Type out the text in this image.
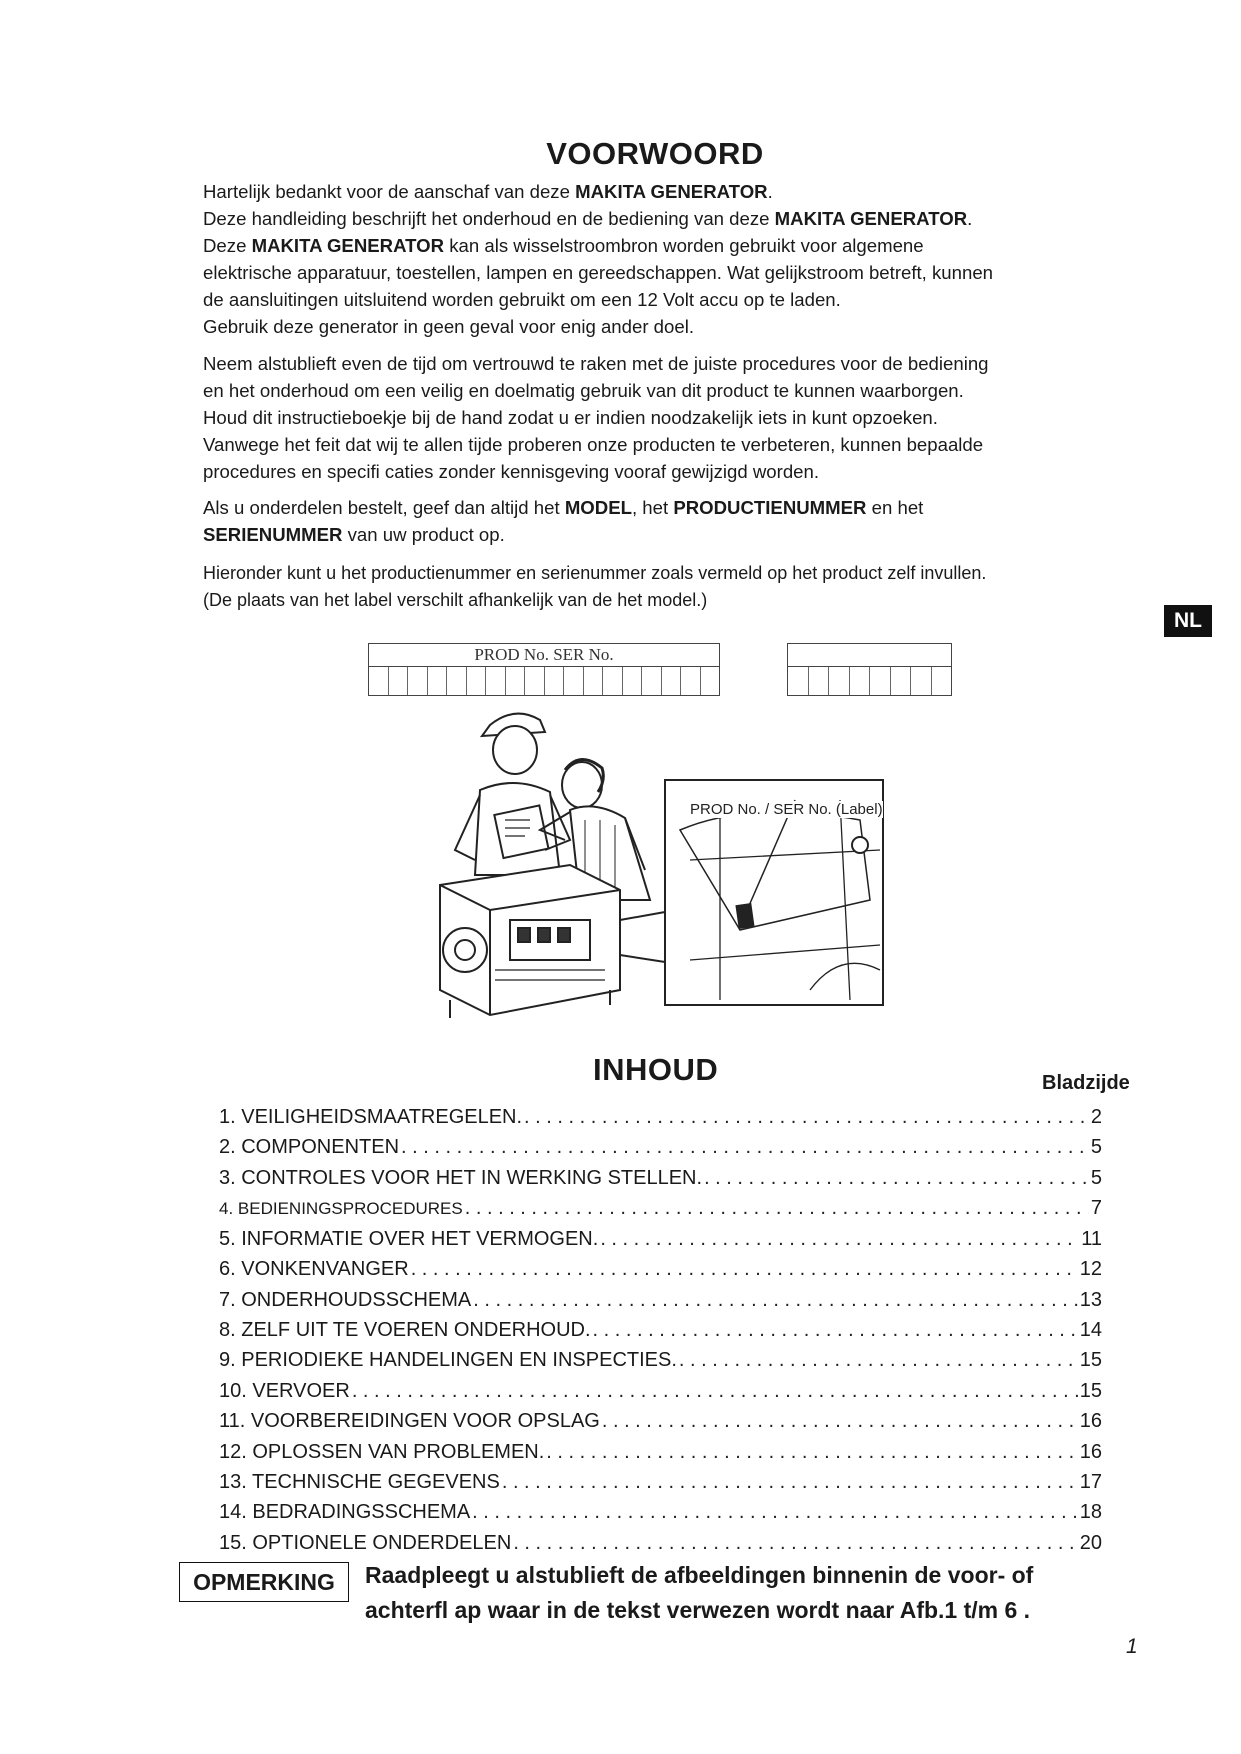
VOORWOORD

Hartelijk bedankt voor de aanschaf van deze MAKITA GENERATOR.

Deze handleiding beschrijft het onderhoud en de bediening van deze MAKITA GENERATOR.

Deze MAKITA GENERATOR kan als wisselstroombron worden gebruikt voor algemene

elektrische apparatuur, toestellen, lampen en gereedschappen. Wat gelijkstroom betreft, kunnen

de aansluitingen uitsluitend worden gebruikt om een 12 Volt accu op te laden.

Gebruik deze generator in geen geval voor enig ander doel.

Neem alstublieft even de tijd om vertrouwd te raken met de juiste procedures voor de bediening

en het onderhoud om een veilig en doelmatig gebruik van dit product te kunnen waarborgen.

Houd dit instructieboekje bij de hand zodat u er indien noodzakelijk iets in kunt opzoeken.

Vanwege het feit dat wij te allen tijde proberen onze producten te verbeteren, kunnen bepaalde

procedures en specifi caties zonder kennisgeving vooraf gewijzigd worden.

Als u onderdelen bestelt, geef dan altijd het MODEL, het PRODUCTIENUMMER en het

SERIENUMMER van uw product op.

Hieronder kunt u het productienummer en serienummer zoals vermeld op het product zelf invullen.

(De plaats van het label verschilt afhankelijk van de het model.)

NL
PROD No. SER No.
PROD No. / SER No. (Label)
INHOUD	Bladzijde
1. VEILIGHEIDSMAATREGELEN. . . .	2
2. COMPONENTEN . . .	5
3. CONTROLES VOOR HET IN WERKING STELLEN. . . .	5
4. BEDIENINGSPROCEDURES . . .	7
5. INFORMATIE OVER HET VERMOGEN. . . .	11
6. VONKENVANGER . . .	12
7. ONDERHOUDSSCHEMA . . .	13
8. ZELF UIT TE VOEREN ONDERHOUD. . . .	14
9. PERIODIEKE HANDELINGEN EN INSPECTIES. . . .	15
10. VERVOER . . .	15
11. VOORBEREIDINGEN VOOR OPSLAG . . .	16
12. OPLOSSEN VAN PROBLEMEN. . . .	16
13. TECHNISCHE GEGEVENS . . .	17
14. BEDRADINGSSCHEMA . . .	18
15. OPTIONELE ONDERDELEN . . .	20
OPMERKING	Raadpleegt u alstublieft de afbeeldingen binnenin de voor- of
achterfl ap waar in de tekst verwezen wordt naar Afb.1 t/m 6 .
1
